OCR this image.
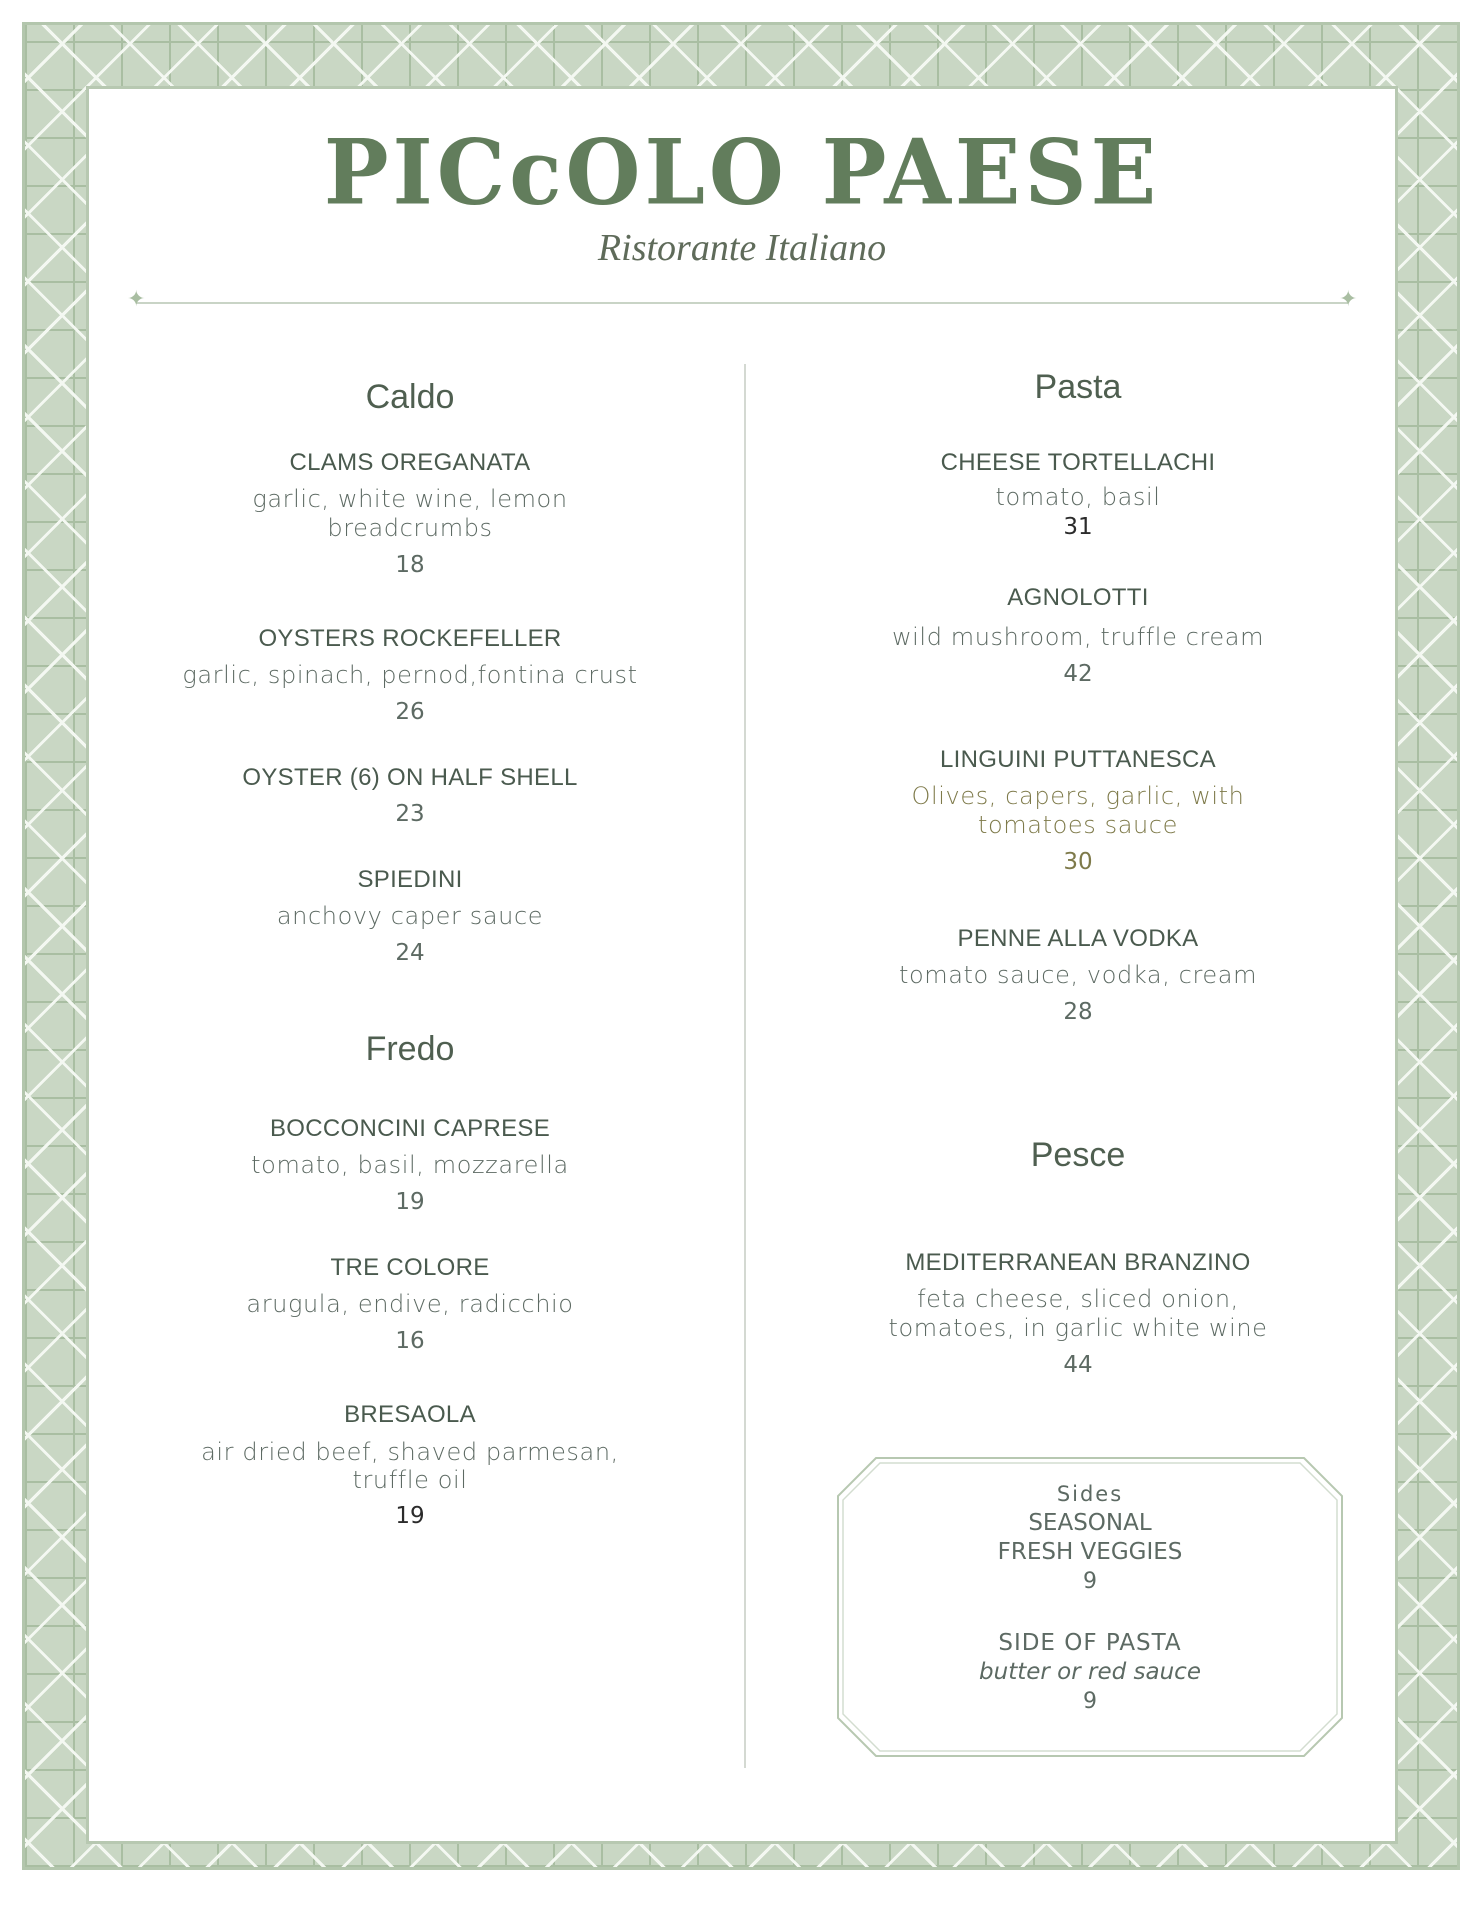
PICcOLO PAESE
Ristorante Italiano
✦	✦
Caldo
CLAMS OREGANATA
garlic, white wine, lemon
breadcrumbs
18
OYSTERS ROCKEFELLER
garlic, spinach, pernod,fontina crust
26
OYSTER (6) ON HALF SHELL
23
SPIEDINI
anchovy caper sauce
24
Fredo
BOCCONCINI CAPRESE
tomato, basil, mozzarella
19
TRE COLORE
arugula, endive, radicchio
16
BRESAOLA
air dried beef, shaved parmesan,
truffle oil
19
Pasta
CHEESE TORTELLACHI
tomato, basil
31
AGNOLOTTI
wild mushroom, truffle cream
42
LINGUINI PUTTANESCA
Olives, capers, garlic, with
tomatoes sauce
30
PENNE ALLA VODKA
tomato sauce, vodka, cream
28
Pesce
MEDITERRANEAN BRANZINO
feta cheese, sliced onion,
tomatoes, in garlic white wine
44
Sides
SEASONAL
FRESH VEGGIES
9
SIDE OF PASTA
butter or red sauce
9
